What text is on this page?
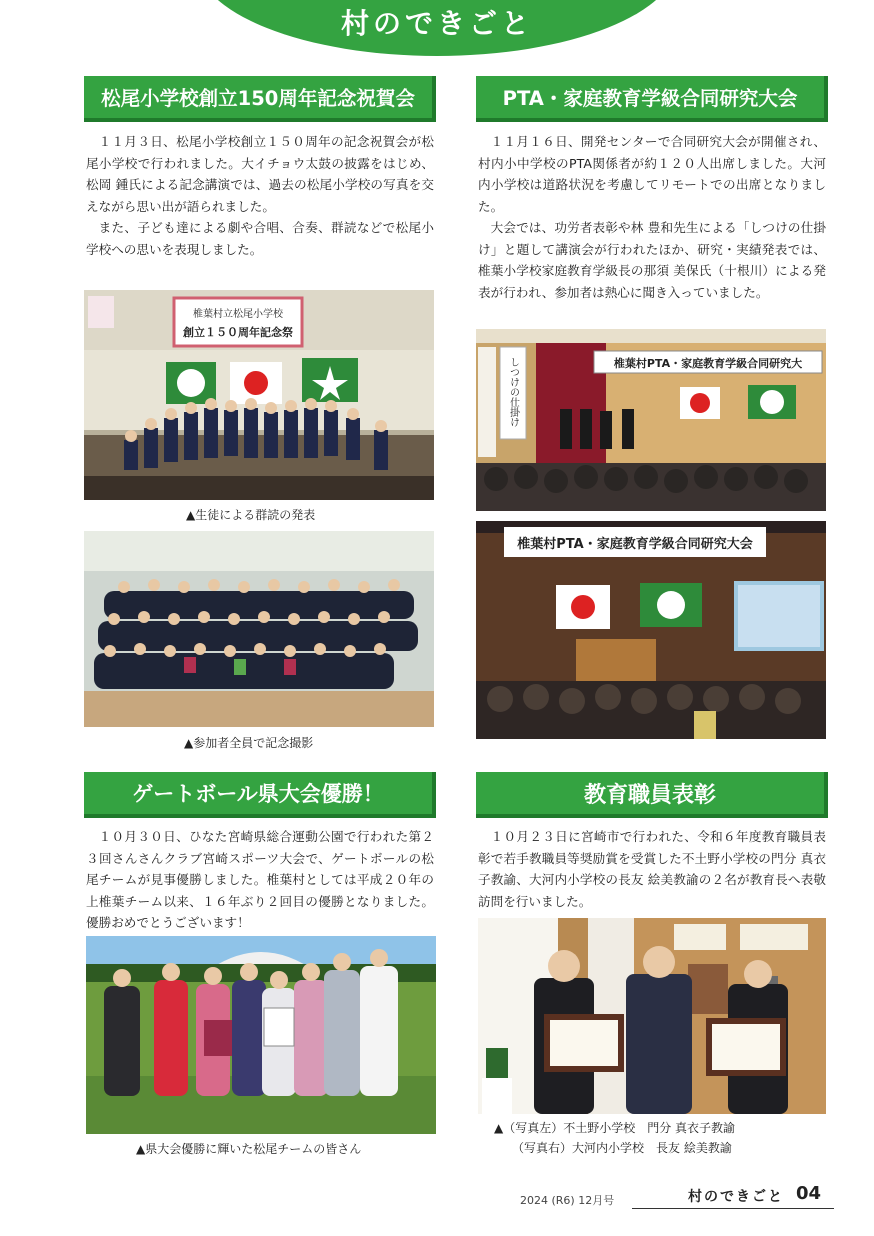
村のできごと
松尾小学校創立150周年記念祝賀会

１１月３日、松尾小学校創立１５０周年の記念祝賀会が松尾小学校で行われました。大イチョウ太鼓の披露をはじめ、松岡 鍾氏による記念講演では、過去の松尾小学校の写真を交えながら思い出が語られました。

また、子ども達による劇や合唱、合奏、群読などで松尾小学校への思いを表現しました。

椎葉村立松尾小学校
創立１５０周年記念祭
▲生徒による群読の発表
▲参加者全員で記念撮影
PTA・家庭教育学級合同研究大会

１１月１６日、開発センターで合同研究大会が開催され、村内小中学校のPTA関係者が約１２０人出席しました。大河内小学校は道路状況を考慮してリモートでの出席となりました。

大会では、功労者表彰や林 豊和先生による「しつけの仕掛け」と題して講演会が行われたほか、研究・実績発表では、椎葉小学校家庭教育学級長の那須 美保氏（十根川）による発表が行われ、参加者は熱心に聞き入っていました。

椎葉村PTA・家庭教育学級合同研究大
しつけの仕掛け
椎葉村PTA・家庭教育学級合同研究大会
ゲートボール県大会優勝！

１０月３０日、ひなた宮崎県総合運動公園で行われた第２３回さんさんクラブ宮崎スポーツ大会で、ゲートボールの松尾チームが見事優勝しました。椎葉村としては平成２０年の上椎葉チーム以来、１６年ぶり２回目の優勝となりました。優勝おめでとうございます！

▲県大会優勝に輝いた松尾チームの皆さん
教育職員表彰

１０月２３日に宮崎市で行われた、令和６年度教育職員表彰で若手教職員等奨励賞を受賞した不土野小学校の門分 真衣子教諭、大河内小学校の長友 絵美教諭の２名が教育長へ表敬訪問を行いました。

▲（写真左）不土野小学校　門分 真衣子教諭
（写真右）大河内小学校　長友 絵美教諭
2024 (R6) 12月号	村のできごと 04
